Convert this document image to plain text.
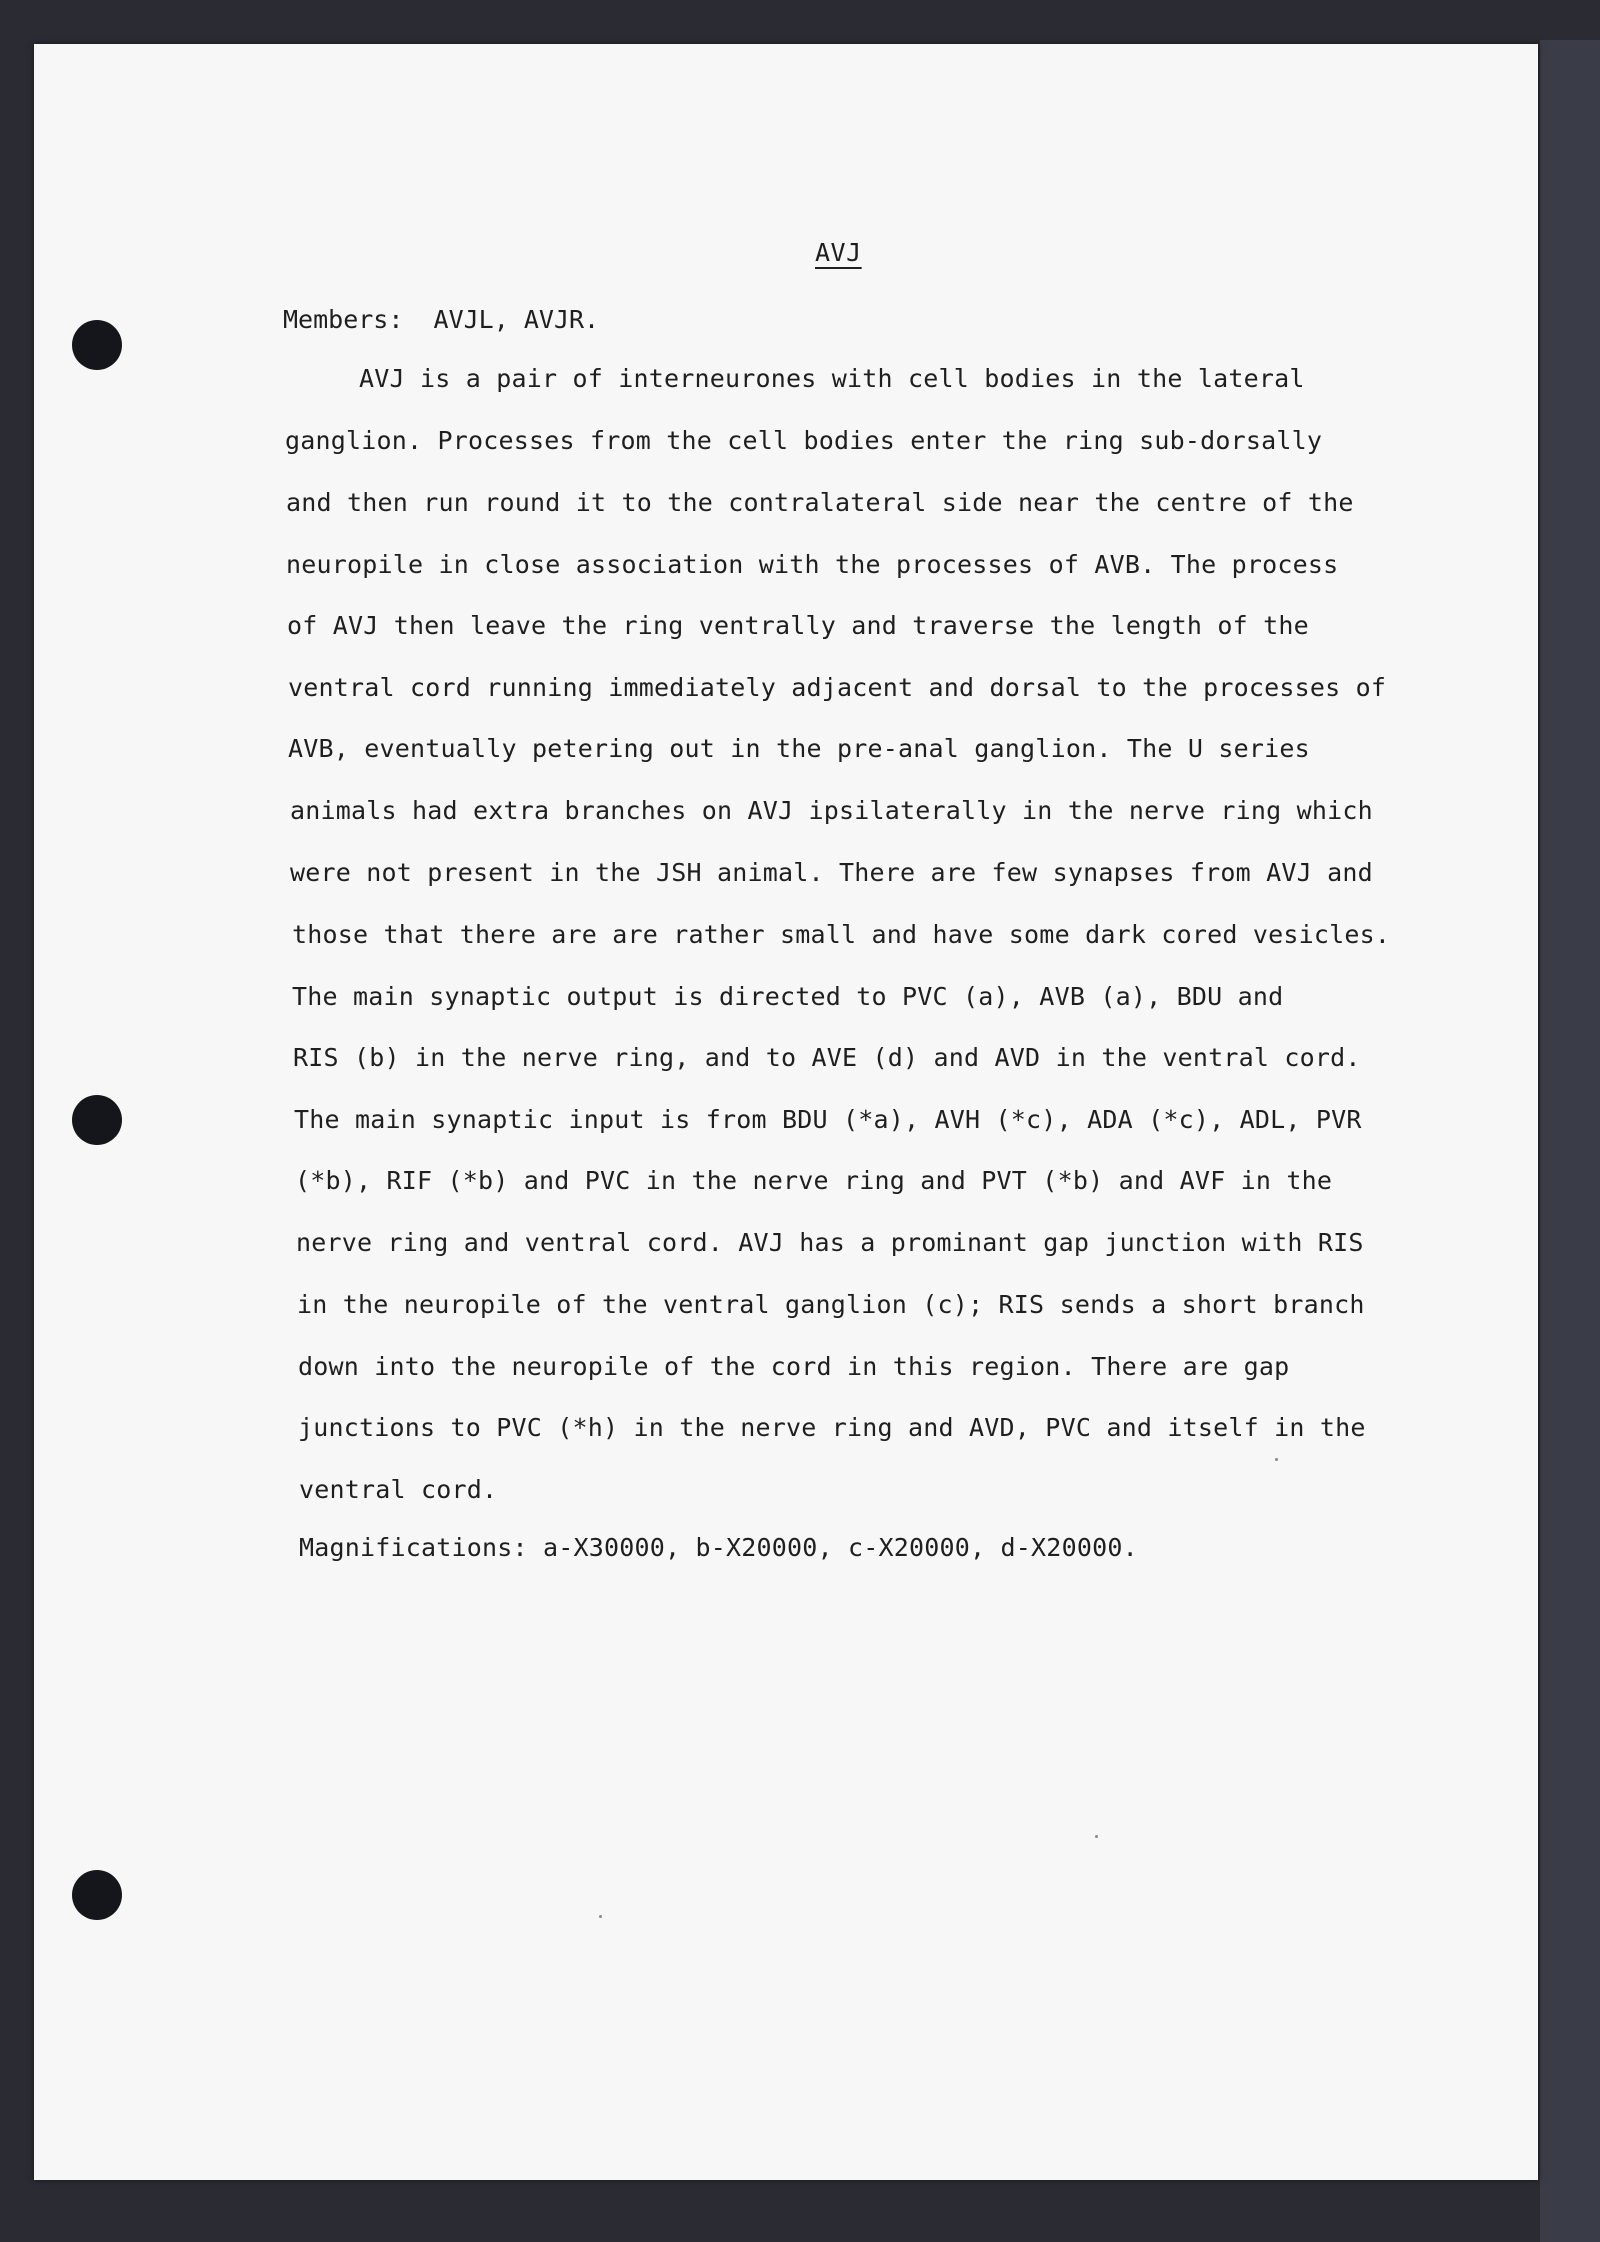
AVJ
Members: AVJL, AVJR.
AVJ is a pair of interneurones with cell bodies in the lateral
ganglion. Processes from the cell bodies enter the ring sub-dorsally
and then run round it to the contralateral side near the centre of the
neuropile in close association with the processes of AVB. The process
of AVJ then leave the ring ventrally and traverse the length of the
ventral cord running immediately adjacent and dorsal to the processes of
AVB, eventually petering out in the pre-anal ganglion. The U series
animals had extra branches on AVJ ipsilaterally in the nerve ring which
were not present in the JSH animal. There are few synapses from AVJ and
those that there are are rather small and have some dark cored vesicles.
The main synaptic output is directed to PVC (a), AVB (a), BDU and
RIS (b) in the nerve ring, and to AVE (d) and AVD in the ventral cord.
The main synaptic input is from BDU (*a), AVH (*c), ADA (*c), ADL, PVR
(*b), RIF (*b) and PVC in the nerve ring and PVT (*b) and AVF in the
nerve ring and ventral cord. AVJ has a prominant gap junction with RIS
in the neuropile of the ventral ganglion (c); RIS sends a short branch
down into the neuropile of the cord in this region. There are gap
junctions to PVC (*h) in the nerve ring and AVD, PVC and itself in the
ventral cord.
Magnifications: a-X30000, b-X20000, c-X20000, d-X20000.
